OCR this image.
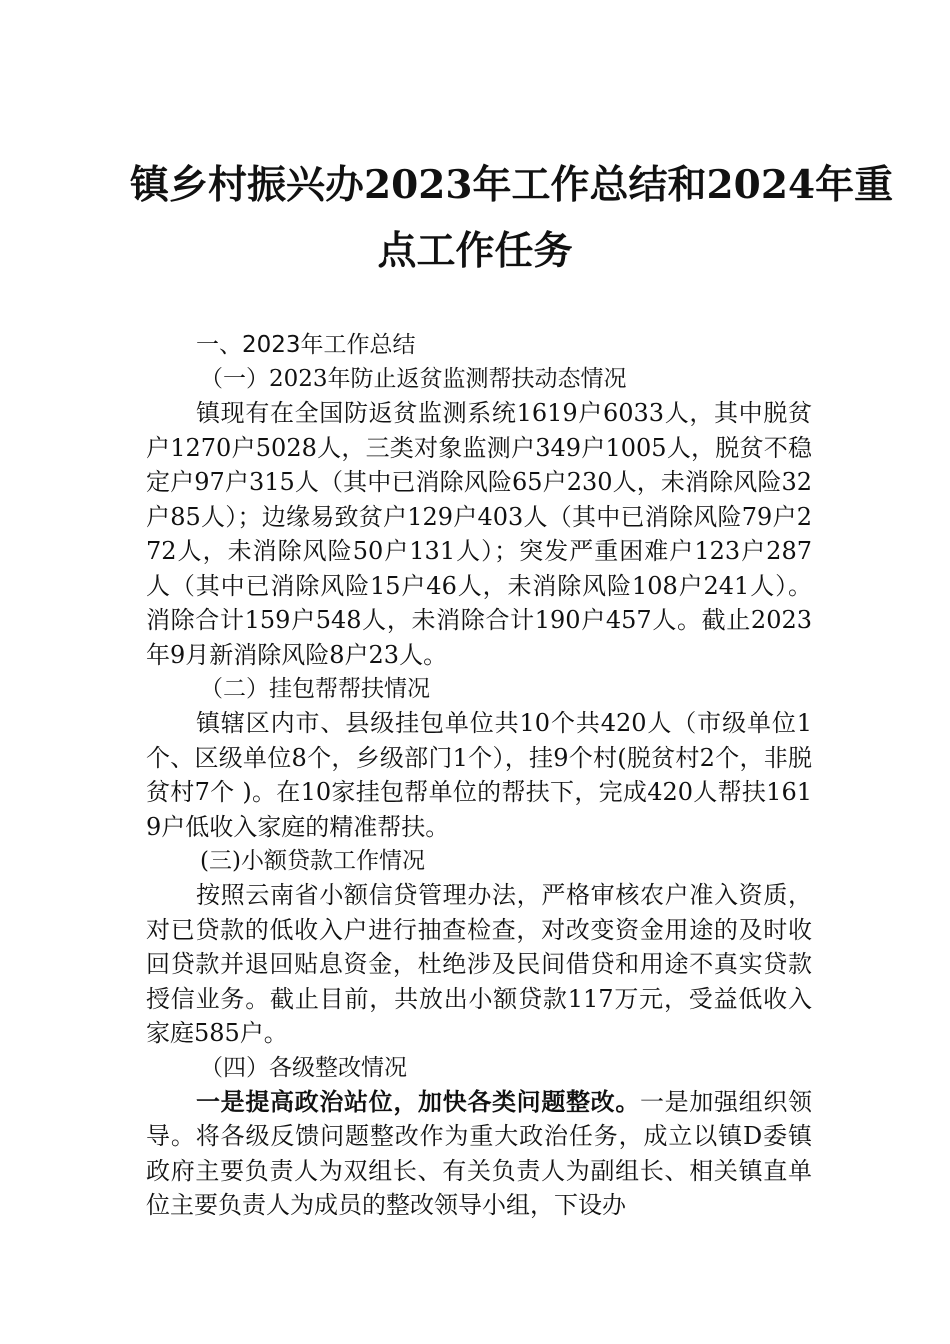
镇乡村振兴办2023年工作总结和2024年重
点工作任务

一、2023年工作总结

（一）2023年防止返贫监测帮扶动态情况

镇现有在全国防返贫监测系统1619户6033人，其中脱贫户1270户5028人，三类对象监测户349户1005人，脱贫不稳定户97户315人（其中已消除风险65户230人，未消除风险32户85人）；边缘易致贫户129户403人（其中已消除风险79户272人，未消除风险50户131人）；突发严重困难户123户287人（其中已消除风险15户46人，未消除风险108户241人）。消除合计159户548人，未消除合计190户457人。截止2023年9月新消除风险8户23人。

（二）挂包帮帮扶情况

镇辖区内市、县级挂包单位共10个共420人（市级单位1个、区级单位8个，乡级部门1个），挂9个村(脱贫村2个，非脱贫村7个 )。在10家挂包帮单位的帮扶下，完成420人帮扶1619户低收入家庭的精准帮扶。

(三)小额贷款工作情况

按照云南省小额信贷管理办法，严格审核农户准入资质，对已贷款的低收入户进行抽查检查，对改变资金用途的及时收回贷款并退回贴息资金，杜绝涉及民间借贷和用途不真实贷款授信业务。截止目前，共放出小额贷款117万元，受益低收入家庭585户。

（四）各级整改情况

一是提高政治站位，加快各类问题整改。一是加强组织领导。将各级反馈问题整改作为重大政治任务，成立以镇D委镇政府主要负责人为双组长、有关负责人为副组长、相关镇直单位主要负责人为成员的整改领导小组，下设办
